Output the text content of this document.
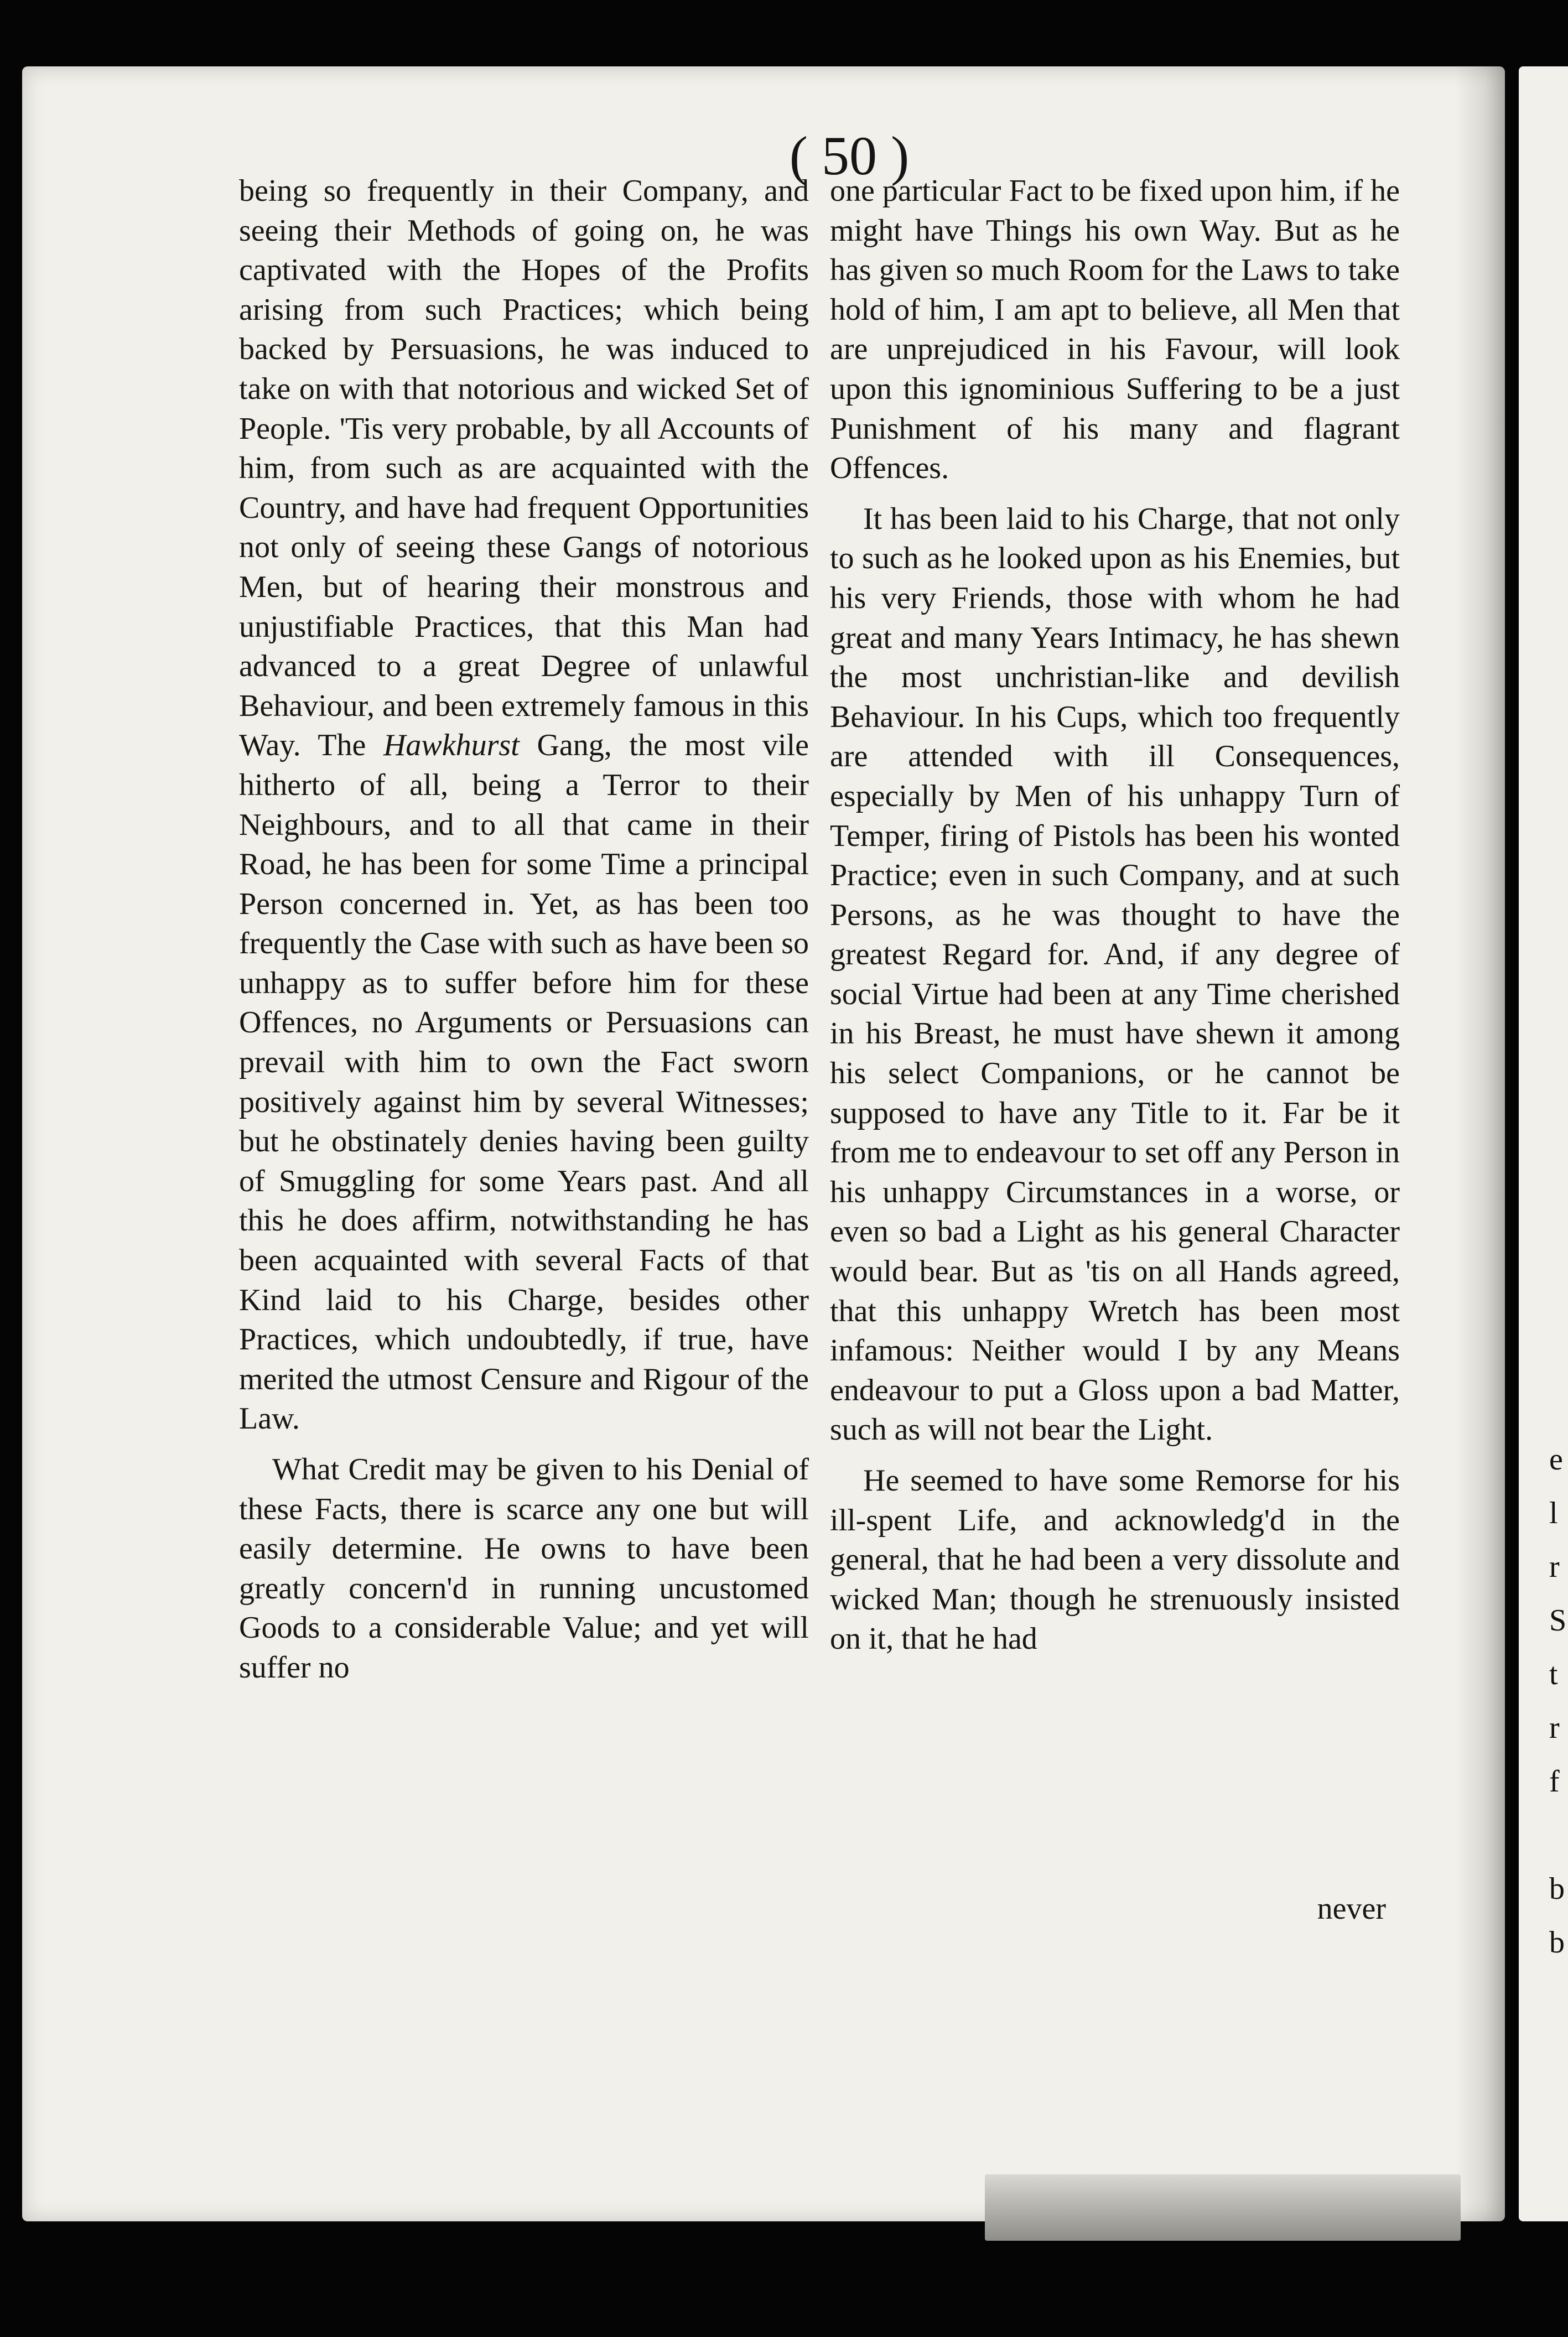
e
l
r
S
t
r
f

b
b
( 50 )

being so frequently in their Company, and seeing their Methods of going on, he was captivated with the Hopes of the Profits arising from such Practices; which being backed by Persuasions, he was induced to take on with that notorious and wicked Set of People. 'Tis very probable, by all Accounts of him, from such as are acquainted with the Country, and have had frequent Opportunities not only of seeing these Gangs of notorious Men, but of hearing their monstrous and unjustifiable Practices, that this Man had advanced to a great Degree of unlawful Behaviour, and been extremely famous in this Way. The Hawkhurst Gang, the most vile hitherto of all, being a Terror to their Neighbours, and to all that came in their Road, he has been for some Time a principal Person concerned in. Yet, as has been too frequently the Case with such as have been so unhappy as to suffer before him for these Offences, no Arguments or Persuasions can prevail with him to own the Fact sworn positively against him by several Witnesses; but he obstinately denies having been guilty of Smuggling for some Years past. And all this he does affirm, notwithstanding he has been acquainted with several Facts of that Kind laid to his Charge, besides other Practices, which undoubtedly, if true, have merited the utmost Censure and Rigour of the Law.

What Credit may be given to his Denial of these Facts, there is scarce any one but will easily determine. He owns to have been greatly concern'd in running uncustomed Goods to a considerable Value; and yet will suffer no

one particular Fact to be fixed upon him, if he might have Things his own Way. But as he has given so much Room for the Laws to take hold of him, I am apt to believe, all Men that are unprejudiced in his Favour, will look upon this ignominious Suffering to be a just Punishment of his many and flagrant Offences.

It has been laid to his Charge, that not only to such as he looked upon as his Enemies, but his very Friends, those with whom he had great and many Years Intimacy, he has shewn the most unchristian-like and devilish Behaviour. In his Cups, which too frequently are attended with ill Consequences, especially by Men of his unhappy Turn of Temper, firing of Pistols has been his wonted Practice; even in such Company, and at such Persons, as he was thought to have the greatest Regard for. And, if any degree of social Virtue had been at any Time cherished in his Breast, he must have shewn it among his select Companions, or he cannot be supposed to have any Title to it. Far be it from me to endeavour to set off any Person in his unhappy Circumstances in a worse, or even so bad a Light as his general Character would bear. But as 'tis on all Hands agreed, that this unhappy Wretch has been most infamous: Neither would I by any Means endeavour to put a Gloss upon a bad Matter, such as will not bear the Light.

He seemed to have some Remorse for his ill-spent Life, and acknowledg'd in the general, that he had been a very dissolute and wicked Man; though he strenuously insisted on it, that he had

never
